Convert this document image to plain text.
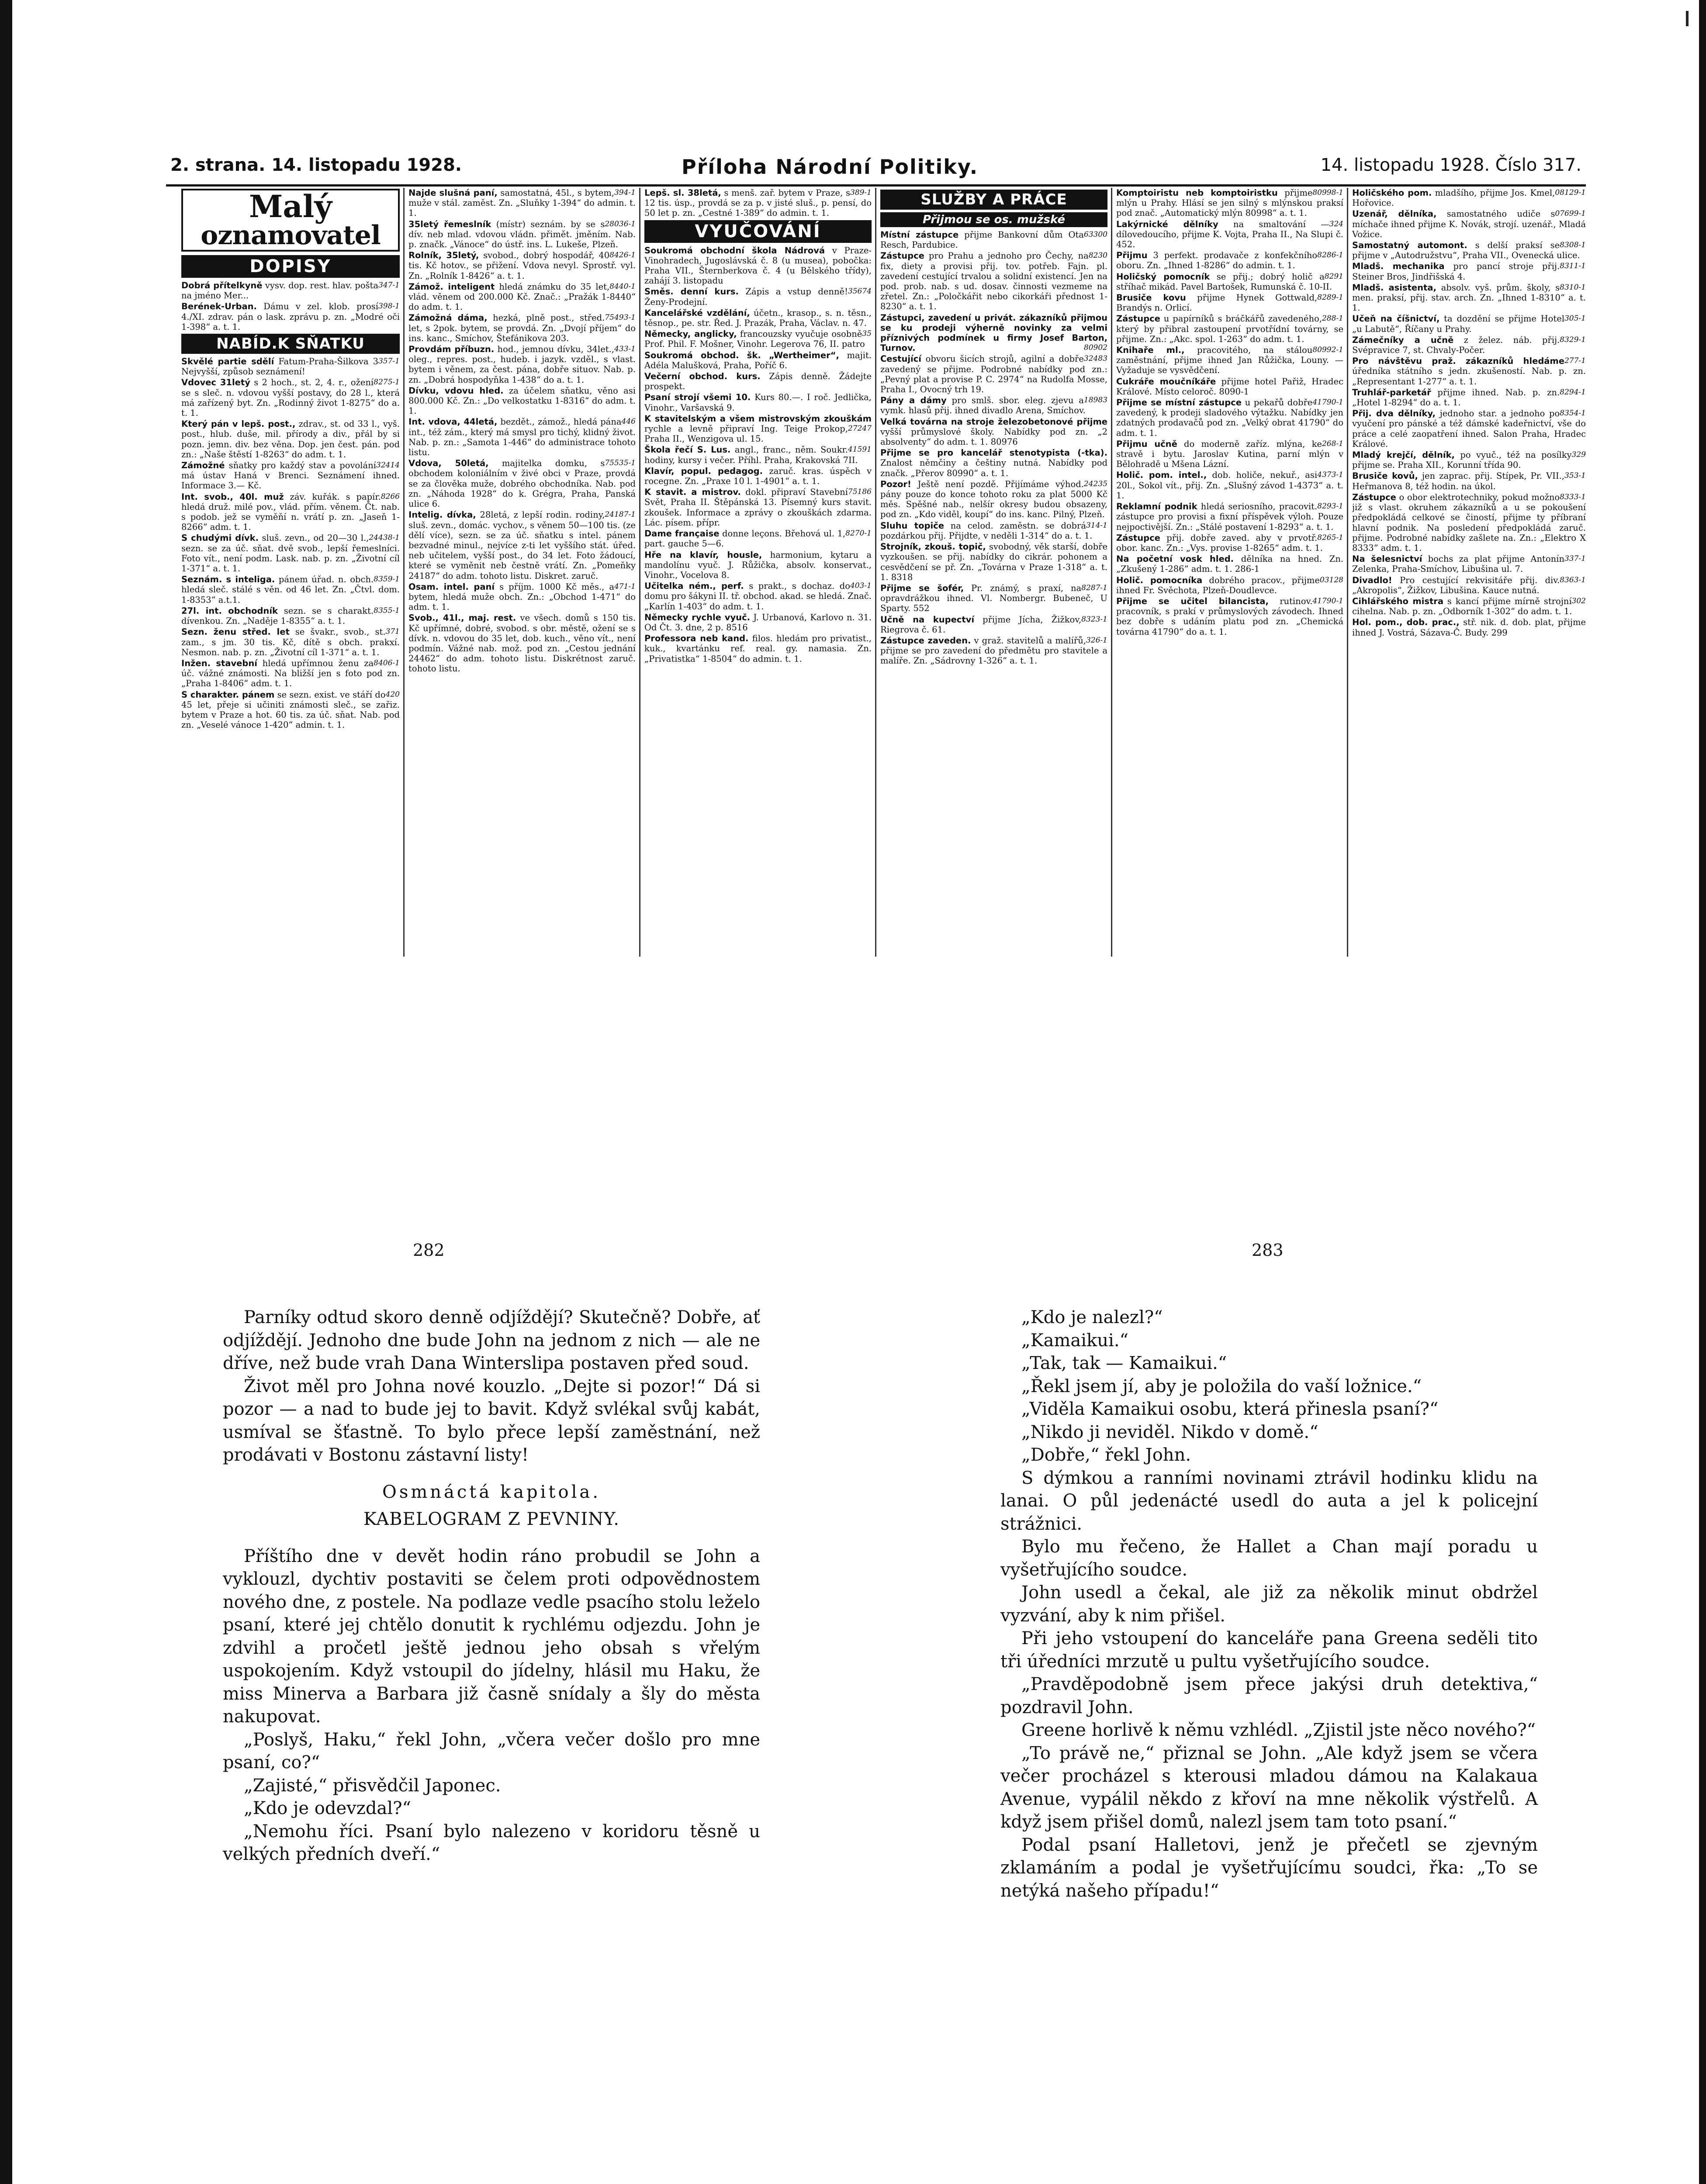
2. strana. 14. listopadu 1928.	Příloha Národní Politiky.	14. listopadu 1928. Číslo 317.
Malý
oznamovatel
DOPISY
Dobrá přítelkyně	347-1
vysv. dop. rest. hlav. pošta na jméno Mer...
Berének-Urban.	398-1
Dámu v zel. klob. prosí 4./XI. zdrav. pán o lask. zprávu p. zn. „Modré oči 1-398“ a. t. 1.
NABÍD.K SŇATKU
Skvělé partie sdělí	357-1
Fatum-Praha-Šilkova 3 Nejvyšší, způsob seznámení!
Vdovec 31letý	8275-1
s 2 hoch., st. 2, 4. r., ožení se s sleč. n. vdovou vyšší postavy, do 28 l., která má zařízený byt. Zn. „Rodinný život 1-8275“ do a. t. 1.
Který pán v lepš. post., zdrav., st. od 33 l., vyš. post., hlub. duše, mil. přírody a div., přál by si pozn. jemn. div. bez věna. Dop. jen čest. pán. pod zn.: „Naše štěstí 1-8263“ do adm. t. 1.
Zámožné	32414
sňatky pro každý stav a povolání má ústav Haná v Brenci. Seznámení ihned. Informace 3.— Kč.
Int. svob., 40l. muž	8266
záv. kuřák. s papír. hledá druž. milé pov., vlád. přím. věnem. Čt. nab. s podob. jež se vyměňí n. vrátí p. zn. „Jaseň 1-8266“ adm. t. 1.
S chudými dívk.	24438-1
sluš. zevn., od 20—30 l., sezn. se za úč. sňat. dvě svob., lepší řemeslníci. Foto vít., není podm. Lask. nab. p. zn. „Životní cíl 1-371“ a. t. 1.
Seznám. s inteliga.	8359-1
pánem úřad. n. obch. hledá sleč. stálé s věn. od 46 let. Zn. „Čtvl. dom. 1-8353“ a.t.1.
27l. int. obchodník	8355-1
sezn. se s charakt. dívenkou. Zn. „Naděje 1-8355“ a. t. 1.
Sezn. ženu střed. let	371
se švakr., svob., st. zam., s jm. 30 tis. Kč, dítě s obch. prakxí. Nesmon. nab. p. zn. „Životní cíl 1-371“ a. t. 1.
Inžen. stavební	8406-1
hledá upřímnou ženu za úč. vážné známosti. Na bližší jen s foto pod zn. „Praha 1-8406“ adm. t. 1.
S charakter. pánem	420
se sezn. exist. ve stáří do 45 let, přeje si učiniti známosti sleč., se zařiz. bytem v Praze a hot. 60 tis. za úč. sňat. Nab. pod zn. „Veselé vánoce 1-420“ admin. t. 1.
Najde slušná paní,	394-1
samostatná, 45l., s bytem, muže v stál. zaměst. Zn. „Sluňky 1-394“ do admin. t. 1.
35letý řemeslník	28036-1
(místr) seznám. by se s dív. neb mlad. vdovou vládn. přimět. jměním. Nab. p. značk. „Vánoce“ do ústř. ins. L. Lukeše, Plzeň.
Rolník, 35letý,	8426-1
svobod., dobrý hospodář, 40 tis. Kč hotov., se přižení. Vdova nevyl. Sprostř. vyl. Zn. „Rolník 1-8426“ a. t. 1.
Zámož. inteligent	8440-1
hledá známku do 35 let, vlád. věnem od 200.000 Kč. Znač.: „Pražák 1-8440“ do adm. t. 1.
Zámožná dáma,	75493-1
hezká, plně post., střed. let, s 2pok. bytem, se provdá. Zn. „Dvojí příjem“ do ins. kanc., Smíchov, Štefánikova 203.
Provdám příbuzn.	433-1
hod., jemnou dívku, 34let., oleg., repres. post., hudeb. i jazyk. vzděl., s vlast. bytem i věnem, za čest. pána, dobře situov. Nab. p. zn. „Dobrá hospodyňka 1-438“ do a. t. 1.
Dívku, vdovu hled. za účelem sňatku, věno asi 800.000 Kč. Zn.: „Do velkostatku 1-8316“ do adm. t. 1.
Int. vdova, 44letá,	446
bezdět., zámož., hledá pána int., též zám., který má smysl pro tichý, klidný život. Nab. p. zn.: „Samota 1-446“ do administrace tohoto listu.
Vdova, 50letá,	75535-1
majitelka domku, s obchodem koloniálním v živé obci v Praze, provdá se za člověka muže, dobrého obchodníka. Nab. pod zn. „Náhoda 1928“ do k. Grégra, Praha, Panská ulice 6.
Intelig. dívka,	24187-1
28letá, z lepší rodin. rodiny, sluš. zevn., domác. vychov., s věnem 50—100 tis. (ze dělí více), sezn. se za úč. sňatku s intel. pánem bezvadné minul., nejvíce z-ti let vyššího stát. úřed. neb učitelem, vyšší post., do 34 let. Foto žádoucí, které se vyměnit neb čestně vrátí. Zn. „Pomeňky 24187“ do adm. tohoto listu. Diskret. zaruč.
Osam. intel. paní	471-1
s příjm. 1000 Kč měs., a bytem, hledá muže obch. Zn.: „Obchod 1-471“ do adm. t. 1.
Svob., 41l., maj. rest. ve všech. domů s 150 tis. Kč upřímné, dobré, svobod. s obr. městě, ožení se s dívk. n. vdovou do 35 let, dob. kuch., věno vít., není podmín. Vážné nab. mož. pod zn. „Cestou jednání 24462“ do adm. tohoto listu. Diskrétnost zaruč. tohoto listu.
Lepš. sl. 38letá,	389-1
s menš. zař. bytem v Praze, s 12 tis. úsp., provdá se za p. v jisté sluš., p. pensí, do 50 let p. zn. „Cestné 1-389“ do admin. t. 1.
VYUČOVÁNÍ
Soukromá obchodní škola Nádrová v Praze-Vinohradech, Jugoslávská č. 8 (u musea), pobočka: Praha VII., Šternberkova č. 4 (u Bělského třídy), zahájí 3. listopadu
Směs. denní kurs.	35674
Zápis a vstup denně! Ženy-Prodejní.
Kancelářské vzdělání, účetn., krasop., s. n. těsn., těsnop., pe. str. Řed. J. Prazák, Praha, Václav. n. 47.
Německy, anglicky,	35
francouzsky vyučuje osobně Prof. Phil. F. Mošner, Vinohr. Legerova 76, II. patro
Soukromá obchod. šk. „Wertheimer“, majit. Adéla Malušková, Praha, Poříč 6.
Večerní obchod. kurs. Zápis denně. Žádejte prospekt.
Psaní strojí všemi 10. Kurs 80.—. I roč. Jedlička, Vinohr., Varšavská 9.
K stavitelským a všem mistrovským zkouškám
27247
rychle a levně připraví Ing. Teige Prokop, Praha II., Wenzigova ul. 15.
Škola řečí S. Lus.	41591
angl., franc., něm. Soukr. hodiny, kursy i večer. Příhl. Praha, Krakovská 7II.
Klavír, popul. pedagog. zaruč. kras. úspěch v rocegne. Zn. „Praxe 10 l. 1-4901“ a. t. 1.
K stavit. a mistrov.	75186
dokl. připraví Stavební Svět, Praha II. Štěpánská 13. Písemný kurs stavit. zkoušek. Informace a zprávy o zkouškách zdarma. Lác. písem. přípr.
Dame française	8270-1
donne leçons. Břehová ul. 1, part. gauche 5—6.
Hře na klavír, housle, harmonium, kytaru a mandolínu vyuč. J. Růžička, absolv. konservat., Vinohr., Vocelova 8.
Učitelka ném., perf.	403-1
s prakt., s dochaz. do domu pro šákyni II. tř. obchod. akad. se hledá. Znač. „Karlín 1-403“ do adm. t. 1.
Německy rychle vyuč. J. Urbanová, Karlovo n. 31. Od Čt. 3. dne, 2 p. 8516
Professora neb kand. filos. hledám pro privatist., kuk., kvartánku ref. real. gy. namasia. Zn. „Privatistka“ 1-8504“ do admin. t. 1.
SLUŽBY A PRÁCE
Přijmou se os. mužské
Místní zástupce	63300
přijme Bankovní dům Ota Resch, Pardubice.
Zástupce	8230
pro Prahu a jednoho pro Čechy, na fix, diety a provisi přij. tov. potřeb. Fajn. pl. zavedení cestující trvalou a solidní existencí. Jen na pod. prob. nab. s ud. dosav. činnosti vezmeme na zřetel. Zn.: „Poločkářit nebo cikorkáři přednost 1-8230“ a. t. 1.
Zástupci, zavedení u privát. zákazníků přijmou se ku prodeji výherně novinky za velmi příznivých podmínek u firmy Josef Barton, Turnov.	80902
Cestující	32483
obvoru šicích strojů, agilní a dobře zavedený se přijme. Podrobné nabídky pod zn.: „Pevný plat a provise P. C. 2974“ na Rudolfa Mosse, Praha I., Ovocný trh 19.
Pány a dámy	18983
pro smlš. sbor. eleg. zjevu a vymk. hlasů přij. ihned divadlo Arena, Smíchov.
Velká továrna na stroje železobetonové přijme vyšší průmyslové školy. Nabídky pod zn. „2 absolventy“ do adm. t. 1. 80976
Přijme se pro kancelář stenotypista (-tka). Znalost němčiny a češtiny nutná. Nabídky pod značk. „Přerov 80990“ a. t. 1.
Pozor!	24235
Ještě není pozdě. Přijímáme výhod. pány pouze do konce tohoto roku za plat 5000 Kč měs. Spěšné nab., nelšír okresy budou obsazeny, pod zn. „Kdo viděl, koupí“ do ins. kanc. Pilný, Plzeň.
Sluhu topiče	314-1
na celod. zaměstn. se dobrá pozdárkou přij. Přijdte, v neděli 1-314“ do a. t. 1.
Strojník, zkouš. topič, svobodný, věk starší, dobře vyzkoušen. se přij. nabídky do cikrár. pohonem a cesvědčení se př. Zn. „Továrna v Praze 1-318“ a. t. 1. 8318
Přijme se šofér,	8287-1
Pr. známý, s praxí, na opravdrážkou ihned. Vl. Nombergr. Bubeneč, U Sparty. 552
Učně na kupectví	8323-1
přijme Jícha, Žižkov, Riegrova č. 61.
Zástupce zaveden.	326-1
v graž. stavitelů a malířů, přijme se pro zavedení do předmětu pro stavitele a malíře. Zn. „Sádrovny 1-326“ a. t. 1.
Komptoiristu neb komptoiristku	80998-1
přijme mlýn u Prahy. Hlásí se jen silný s mlýnskou praksí pod znač. „Automatický mlýn 80998“ a. t. 1.
Lakýrnické dělníky	324
na smaltování — dílovedoucího, přijme K. Vojta, Praha II., Na Slupi č. 452.
Přijmu	8286-1
3 perfekt. prodavače z konfekčního oboru. Zn. „Ihned 1-8286“ do admin. t. 1.
Holičský pomocník	8291
se přij.; dobrý holič a stříhač mikád. Pavel Bartošek, Rumunská č. 10-II.
Brusiče kovu	8289-1
přijme Hynek Gottwald, Brandýs n. Orlicí.
Zástupce	288-1
u papírníků s bráčkářů zavedeného, který by přibral zastoupení prvotřídní továrny, se přijme. Zn.: „Akc. spol. 1-263“ do adm. t. 1.
Knihaře ml.,	80992-1
pracovitého, na stálou zaměstnání, přijme ihned Jan Růžička, Louny. — Vyžaduje se vysvědčení.
Cukráře moučníkáře přijme hotel Pařiž, Hradec Králové. Místo celoroč. 8090-1
Přijme se místní zástupce	41790-1
u pekařů dobře zavedený, k prodeji sladového výtažku. Nabídky jen zdatných prodavačů pod zn. „Velký obrat 41790“ do adm. t. 1.
Přijmu učně	268-1
do moderně zaříz. mlýna, ke stravě i bytu. Jaroslav Kutina, parní mlýn v Bělohradě u Mšena Lázní.
Holič. pom. intel.,	4373-1
dob. holiče, nekuř., asi 20l., Sokol vít., přij. Zn. „Slušný závod 1-4373“ a. t. 1.
Reklamní podnik	8293-1
hledá seriosního, pracovit. zástupce pro provisi a fixní příspěvek výloh. Pouze nejpoctivější. Zn.: „Stálé postavení 1-8293“ a. t. 1.
Zástupce	8265-1
přij. dobře zaved. aby v prvotř. obor. kanc. Zn.: „Vys. provise 1-8265“ adm. t. 1.
Na početní vosk hled. dělníka na hned. Zn. „Zkušený 1-286“ adm. t. 1. 286-1
Holič. pomocníka	03128
dobrého pracov., přijme ihned Fr. Svěchota, Plzeň-Doudlevce.
Přijme se učitel bilancista,	41790-1
rutinov. pracovník, s prakí v průmyslových závodech. Ihned bez dobře s udáním platu pod zn. „Chemická továrna 41790“ do a. t. 1.
Holičského pom.	08129-1
mladšího, přijme Jos. Kmel, Hořovice.
Uzenář, dělníka,	07699-1
samostatného udiče s míchače ihned přijme K. Novák, strojí. uzenář., Mladá Vožice.
Samostatný automont.	8308-1
s delší praksí se přijme v „Autodružstvu“, Praha VII., Ovenecká ulice.
Mladš. mechanika	8311-1
pro pancí stroje přij. Steiner Bros, Jindřišská 4.
Mladš. asistenta,	8310-1
absolv. vyš. prům. školy, s men. praksí, přij. stav. arch. Zn. „Ihned 1-8310“ a. t. 1.
Učeň na číšnictví,	305-1
ta dozdění se přijme Hotel „u Labutě“, Říčany u Prahy.
Zámečníky a učně	8329-1
z želez. náb. přij. Svépravice 7, st. Chvaly-Počer.
Pro návštěvu praž. zákazníků hledáme 277-1
úředníka státního s jedn. zkušeností. Nab. p. zn. „Representant 1-277“ a. t. 1.
Truhlář-parketář	8294-1
přijme ihned. Nab. p. zn. „Hotel 1-8294“ do a. t. 1.
Přij. dva dělníky,	8354-1
jednoho star. a jednoho po vyučení pro pánské a též dámské kadeřnictví, vše do práce a celé zaopatření ihned. Salon Praha, Hradec Králové.
Mladý krejčí, dělník,	329
po vyuč., též na posílky přijme se. Praha XII., Korunní třída 90.
Brusiče kovů,	353-1
jen zaprac. přij. Stípek, Pr. VII., Heřmanova 8, též hodin. na úkol.
Zástupce	8333-1
o obor elektrotechniky, pokud možno již s vlast. okruhem zákazníků a u se pokoušení předpokládá celkové se čiností, přijme ty příbraní hlavní podnik. Na posledení předpokládá zaruč. přijme. Podrobné nabídky zašlete na. Zn.: „Elektro X 8333“ adm. t. 1.
Na šelesnictví	337-1
bochs za plat přijme Antonín Zelenka, Praha-Smíchov, Libušina ul. 7.
Divadlo!	8363-1
Pro cestující rekvisitáře přij. div. „Akropolis“, Žižkov, Libušina. Kauce nutná.
Cihlářského mistra	302
s kancí přijme mírně strojní cihelna. Nab. p. zn. „Odborník 1-302“ do adm. t. 1.
Hol. pom., dob. prac., stř. nik. d. dob. plat, přijme ihned J. Vostrá, Sázava-Č. Budy. 299
282	283

Parníky odtud skoro denně odjíždějí? Skutečně? Dobře, ať odjíždějí. Jednoho dne bude John na jednom z nich — ale ne dříve, než bude vrah Dana Winterslipa postaven před soud.

Život měl pro Johna nové kouzlo. „Dejte si pozor!“ Dá si pozor — a nad to bude jej to bavit. Když svlékal svůj kabát, usmíval se šťastně. To bylo přece lepší zaměstnání, než prodávati v Bostonu zástavní listy!

Osmnáctá kapitola.

KABELOGRAM Z PEVNINY.

Příštího dne v devět hodin ráno probudil se John a vyklouzl, dychtiv postaviti se čelem proti odpovědnostem nového dne, z postele. Na podlaze vedle psacího stolu leželo psaní, které jej chtělo donutit k rychlému odjezdu. John je zdvihl a pročetl ještě jednou jeho obsah s vřelým uspokojením. Když vstoupil do jídelny, hlásil mu Haku, že miss Minerva a Barbara již časně snídaly a šly do města nakupovat.

„Poslyš, Haku,“ řekl John, „včera večer došlo pro mne psaní, co?“

„Zajisté,“ přisvědčil Japonec.

„Kdo je odevzdal?“

„Nemohu říci. Psaní bylo nalezeno v koridoru těsně u velkých předních dveří.“

„Kdo je nalezl?“

„Kamaikui.“

„Tak, tak — Kamaikui.“

„Řekl jsem jí, aby je položila do vaší ložnice.“

„Viděla Kamaikui osobu, která přinesla psaní?“

„Nikdo ji neviděl. Nikdo v domě.“

„Dobře,“ řekl John.

S dýmkou a ranními novinami ztrávil hodinku klidu na lanai. O půl jedenácté usedl do auta a jel k policejní strážnici.

Bylo mu řečeno, že Hallet a Chan mají poradu u vyšetřujícího soudce.

John usedl a čekal, ale již za několik minut obdržel vyzvání, aby k nim přišel.

Při jeho vstoupení do kanceláře pana Greena seděli tito tři úředníci mrzutě u pultu vyšetřujícího soudce.

„Pravděpodobně jsem přece jakýsi druh detektiva,“ pozdravil John.

Greene horlivě k němu vzhlédl. „Zjistil jste něco nového?“

„To právě ne,“ přiznal se John. „Ale když jsem se včera večer procházel s kterousi mladou dámou na Kalakaua Avenue, vypálil někdo z křoví na mne několik výstřelů. A když jsem přišel domů, nalezl jsem tam toto psaní.“

Podal psaní Halletovi, jenž je přečetl se zjevným zklamáním a podal je vyšetřujícímu soudci, řka: „To se netýká našeho případu!“
